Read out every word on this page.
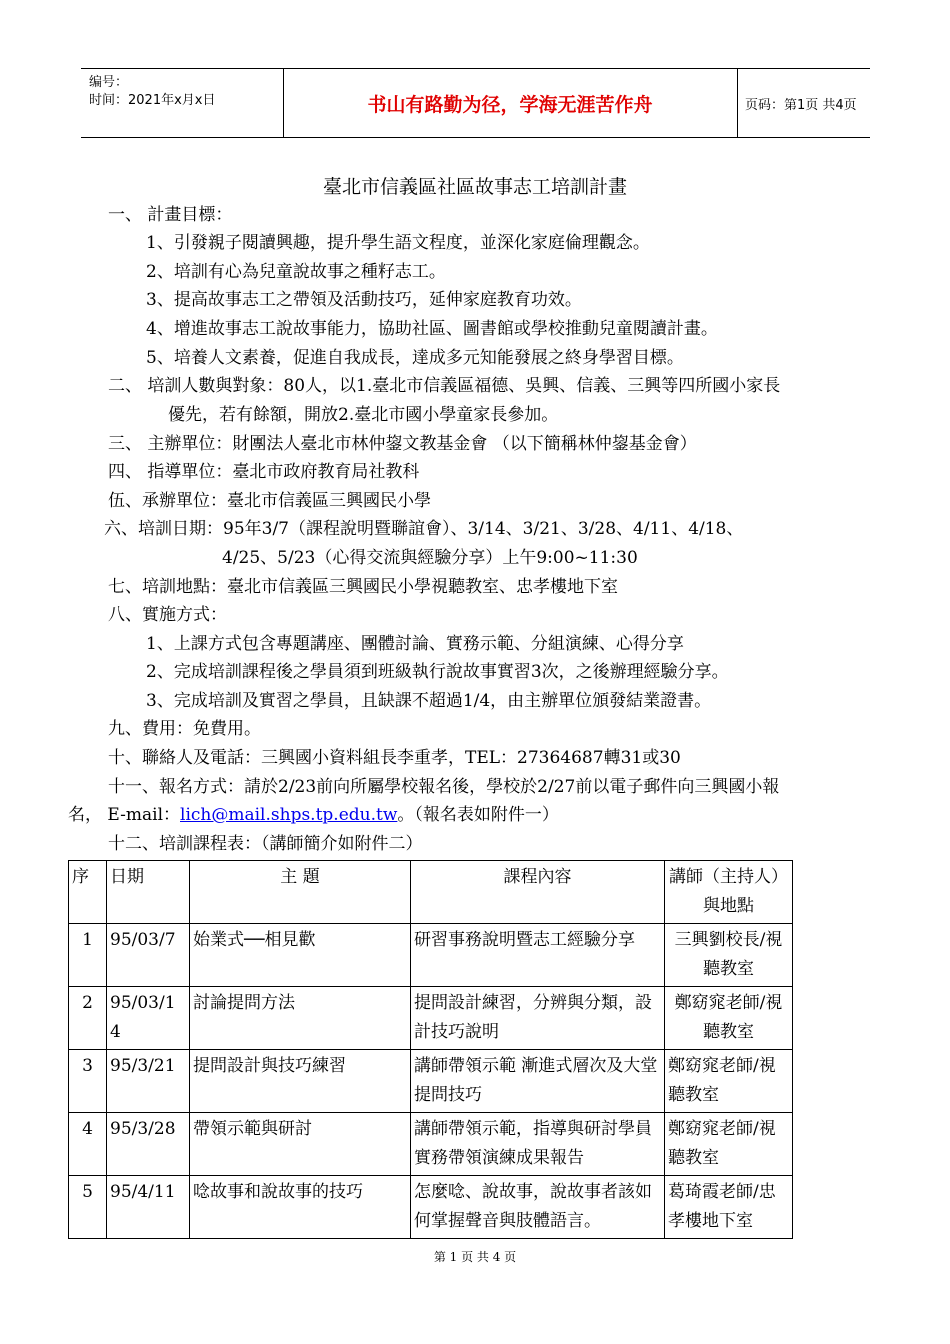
编号：
时间：2021年x月x日	书山有路勤为径，学海无涯苦作舟	页码：第1页 共4页
臺北市信義區社區故事志工培訓計畫
一、 計畫目標：
1、引發親子閱讀興趣，提升學生語文程度，並深化家庭倫理觀念。
2、培訓有心為兒童說故事之種籽志工。
3、提高故事志工之帶領及活動技巧，延伸家庭教育功效。
4、增進故事志工說故事能力，協助社區、圖書館或學校推動兒童閱讀計畫。
5、培養人文素養，促進自我成長，達成多元知能發展之終身學習目標。
二、 培訓人數與對象：80人，以1.臺北市信義區福德、吳興、信義、三興等四所國小家長
優先，若有餘額，開放2.臺北市國小學童家長參加。
三、 主辦單位：財團法人臺北市林仲鋆文教基金會 （以下簡稱林仲鋆基金會）
四、 指導單位：臺北市政府教育局社教科
伍、承辦單位：臺北市信義區三興國民小學
六、培訓日期：95年3/7（課程說明暨聯誼會）、3/14、3/21、3/28、4/11、4/18、
4/25、5/23（心得交流與經驗分享）上午9:00~11:30
七、培訓地點：臺北市信義區三興國民小學視聽教室、忠孝樓地下室
八、實施方式：
1、上課方式包含專題講座、團體討論、實務示範、分組演練、心得分享
2、完成培訓課程後之學員須到班級執行說故事實習3次，之後辦理經驗分享。
3、完成培訓及實習之學員，且缺課不超過1/4，由主辦單位頒發結業證書。
九、費用：免費用。
十、聯絡人及電話：三興國小資料組長李重孝，TEL：27364687轉31或30
十一、報名方式：請於2/23前向所屬學校報名後，學校於2/27前以電子郵件向三興國小報
名， E-mail：lich@mail.shps.tp.edu.tw。（報名表如附件一）
十二、培訓課程表：（講師簡介如附件二）
序	日期	主 題	課程內容	講師（主持人）與地點
1	95/03/7	始業式──相見歡	研習事務說明暨志工經驗分享	三興劉校長/視聽教室
2	95/03/14	討論提問方法	提問設計練習，分辨與分類，設計技巧說明	鄭窈窕老師/視聽教室
3	95/3/21	提問設計與技巧練習	講師帶領示範 漸進式層次及大堂提問技巧	鄭窈窕老師/視聽教室
4	95/3/28	帶領示範與研討	講師帶領示範，指導與研討學員實務帶領演練成果報告	鄭窈窕老師/視聽教室
5	95/4/11	唸故事和說故事的技巧	怎麼唸、說故事，說故事者該如何掌握聲音與肢體語言。	葛琦霞老師/忠孝樓地下室
第 1 页 共 4 页
